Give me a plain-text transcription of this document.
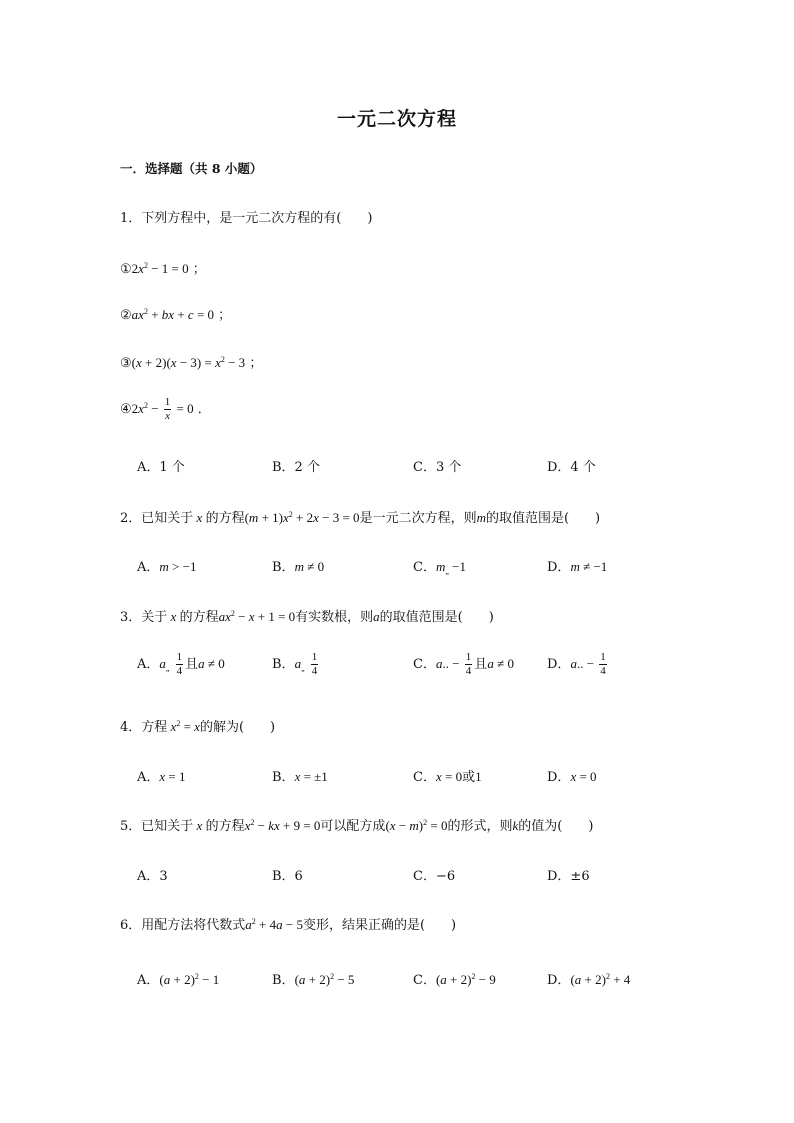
一元二次方程
一．选择题（共 8 小题）
1．下列方程中，是一元二次方程的有(　　)
$①2x^2 - 1 = 0$ ；
$②ax^2$ + bx + c = 0 ；
③(x + $2)(x - 3) = x^2 - 3$ ；
$④2x^2 - \frac{1}{x} = 0$ ．
A．1 个	B．2 个	C．3 个	D．4 个
2．已知关于 x 的方程$(m + 1)x^2 + 2x - 3 = 0$是一元二次方程，则m的取值范围是(　　)
A．m > −1	B．m ≠ 0	C．$m_„ -1$	D．m ≠ −1
3．关于 x 的方程$ax^2 - x + 1 = 0$有实数根，则a的取值范围是(　　)
A．$a_„ \frac{1}{4}$ 且a ≠ 0	B．$a_„ \frac{1}{4}$	C．a.. − $\frac{1}{4}$ 且a ≠ 0	D．a.. − $\frac{1}{4}$
4．方程 $x^2 = x$的解为(　　)
A．x = 1	B．x = ±1	C．x = 0或1	D．x = 0
5．已知关于 x 的方程$x^2$ − kx + 9 = 0可以配方成$(x - m)^2 = 0$的形式，则k的值为(　　)
A．3	B．6	C．−6	D．±6
6．用配方法将代数式$a^2 + 4a - 5$变形，结果正确的是(　　)
A．$(a + 2)^2 - 1$	B．$(a + 2)^2 - 5$	C．$(a + 2)^2 - 9$	D．$(a + 2)^2 + 4$
